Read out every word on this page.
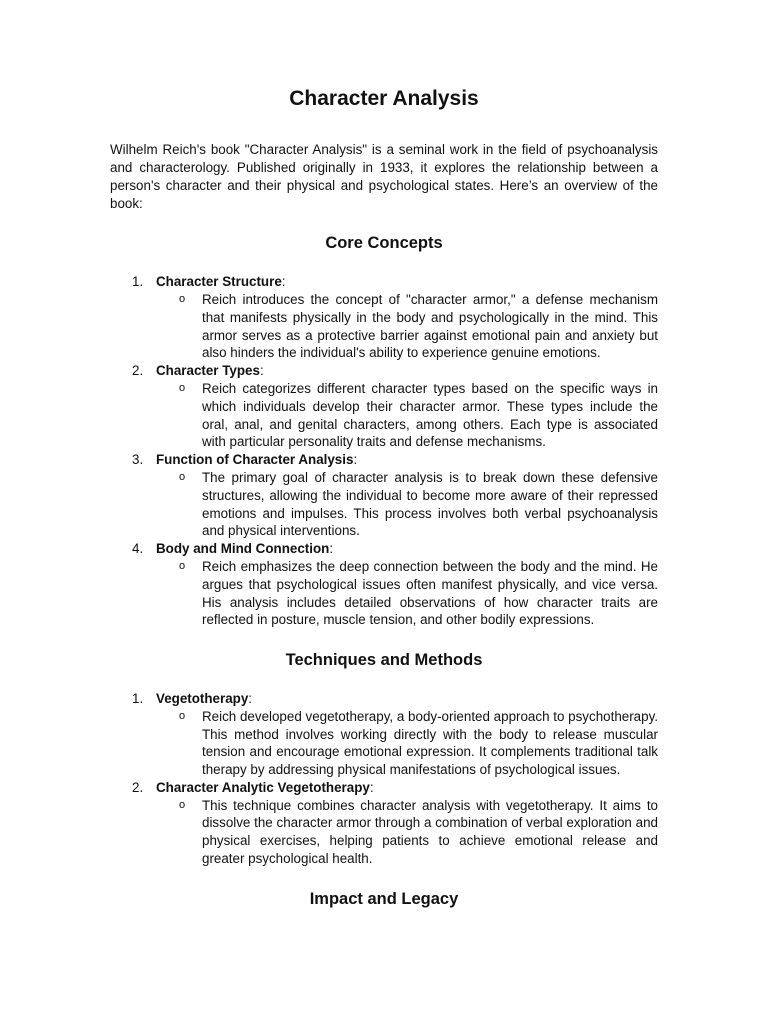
Character Analysis

Wilhelm Reich's book "Character Analysis" is a seminal work in the field of psychoanalysis and characterology. Published originally in 1933, it explores the relationship between a person's character and their physical and psychological states. Here’s an overview of the book:

Core Concepts
1. Character Structure:
o Reich introduces the concept of "character armor," a defense mechanism that manifests physically in the body and psychologically in the mind. This armor serves as a protective barrier against emotional pain and anxiety but also hinders the individual's ability to experience genuine emotions.
2. Character Types:
o Reich categorizes different character types based on the specific ways in which individuals develop their character armor. These types include the oral, anal, and genital characters, among others. Each type is associated with particular personality traits and defense mechanisms.
3. Function of Character Analysis:
o The primary goal of character analysis is to break down these defensive structures, allowing the individual to become more aware of their repressed emotions and impulses. This process involves both verbal psychoanalysis and physical interventions.
4. Body and Mind Connection:
o Reich emphasizes the deep connection between the body and the mind. He argues that psychological issues often manifest physically, and vice versa. His analysis includes detailed observations of how character traits are reflected in posture, muscle tension, and other bodily expressions.
Techniques and Methods
1. Vegetotherapy:
o Reich developed vegetotherapy, a body-oriented approach to psychotherapy. This method involves working directly with the body to release muscular tension and encourage emotional expression. It complements traditional talk therapy by addressing physical manifestations of psychological issues.
2. Character Analytic Vegetotherapy:
o This technique combines character analysis with vegetotherapy. It aims to dissolve the character armor through a combination of verbal exploration and physical exercises, helping patients to achieve emotional release and greater psychological health.
Impact and Legacy
